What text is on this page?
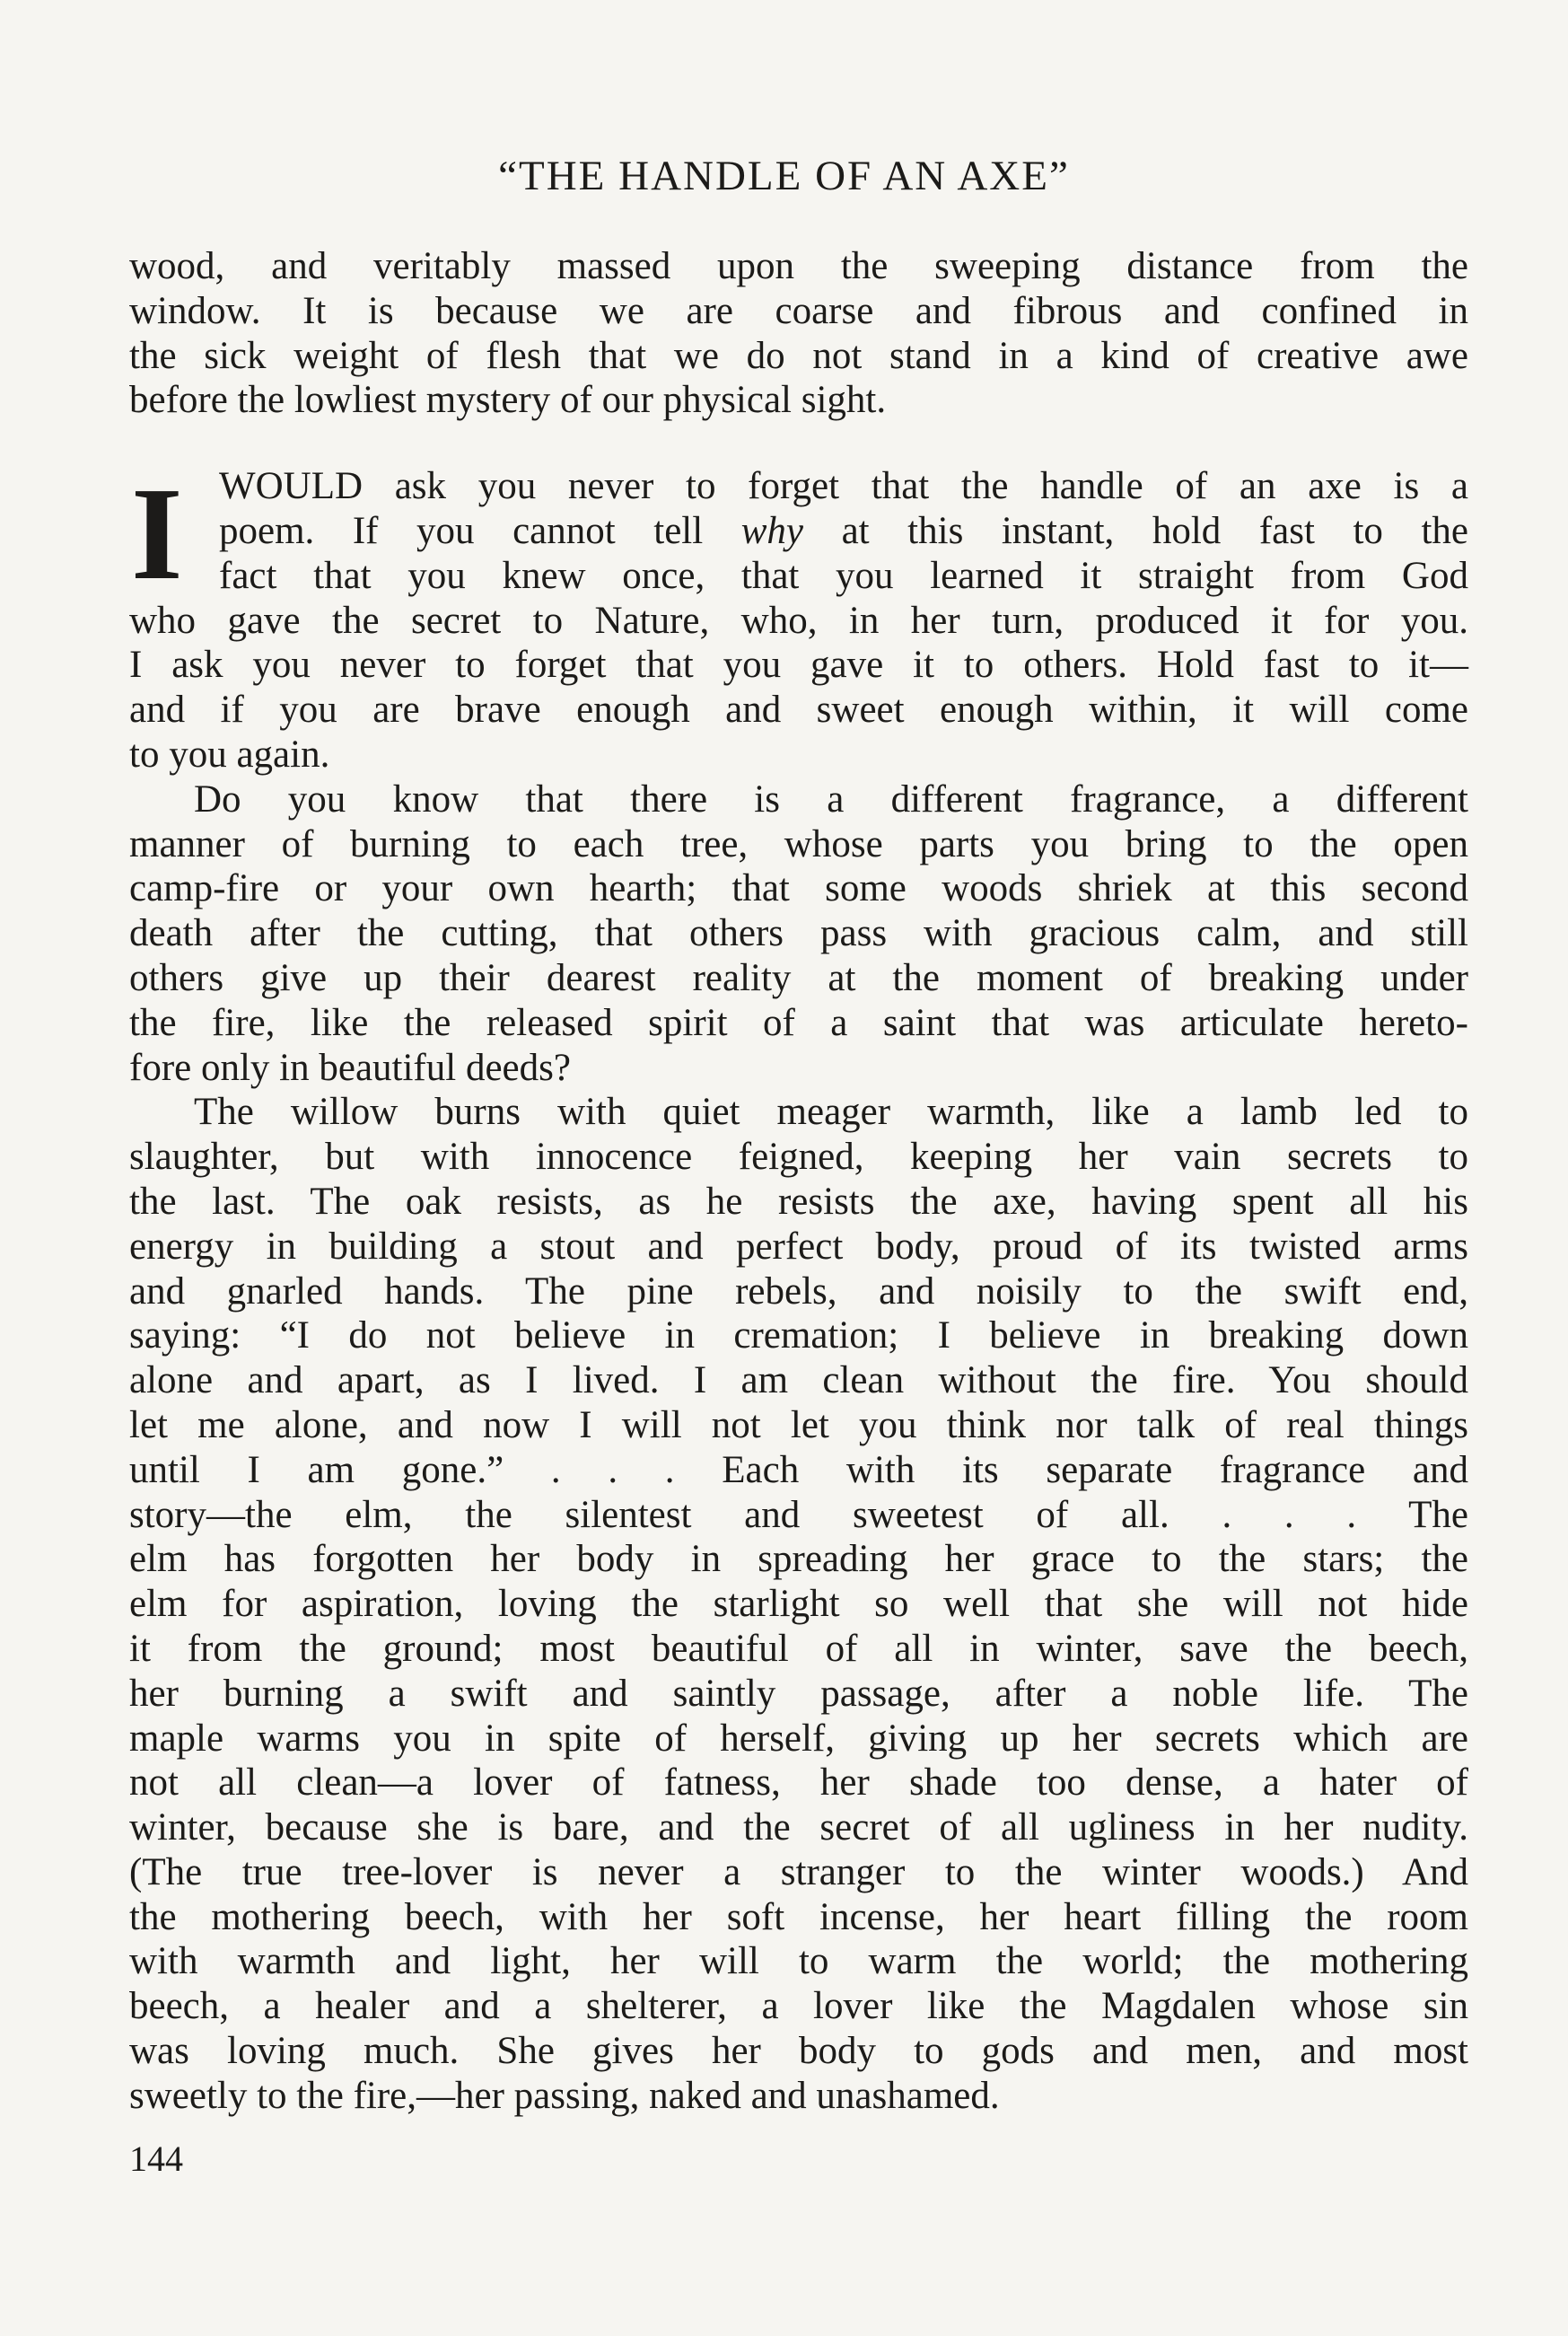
“THE HANDLE OF AN AXE”
wood, and veritably massed upon the sweeping distance from the
window. It is because we are coarse and fibrous and confined in
the sick weight of flesh that we do not stand in a kind of creative awe
before the lowliest mystery of our physical sight.
I WOULD ask you never to forget that the handle of an axe is a
poem. If you cannot tell why at this instant, hold fast to the
fact that you knew once, that you learned it straight from God
who gave the secret to Nature, who, in her turn, produced it for you.
I ask you never to forget that you gave it to others. Hold fast to it—
and if you are brave enough and sweet enough within, it will come
to you again.
Do you know that there is a different fragrance, a different
manner of burning to each tree, whose parts you bring to the open
camp-fire or your own hearth; that some woods shriek at this second
death after the cutting, that others pass with gracious calm, and still
others give up their dearest reality at the moment of breaking under
the fire, like the released spirit of a saint that was articulate hereto-
fore only in beautiful deeds?
The willow burns with quiet meager warmth, like a lamb led to
slaughter, but with innocence feigned, keeping her vain secrets to
the last. The oak resists, as he resists the axe, having spent all his
energy in building a stout and perfect body, proud of its twisted arms
and gnarled hands. The pine rebels, and noisily to the swift end,
saying: “I do not believe in cremation; I believe in breaking down
alone and apart, as I lived. I am clean without the fire. You should
let me alone, and now I will not let you think nor talk of real things
until I am gone.” . . . Each with its separate fragrance and
story—the elm, the silentest and sweetest of all. . . . The
elm has forgotten her body in spreading her grace to the stars; the
elm for aspiration, loving the starlight so well that she will not hide
it from the ground; most beautiful of all in winter, save the beech,
her burning a swift and saintly passage, after a noble life. The
maple warms you in spite of herself, giving up her secrets which are
not all clean—a lover of fatness, her shade too dense, a hater of
winter, because she is bare, and the secret of all ugliness in her nudity.
(The true tree-lover is never a stranger to the winter woods.) And
the mothering beech, with her soft incense, her heart filling the room
with warmth and light, her will to warm the world; the mothering
beech, a healer and a shelterer, a lover like the Magdalen whose sin
was loving much. She gives her body to gods and men, and most
sweetly to the fire,—her passing, naked and unashamed.
144
